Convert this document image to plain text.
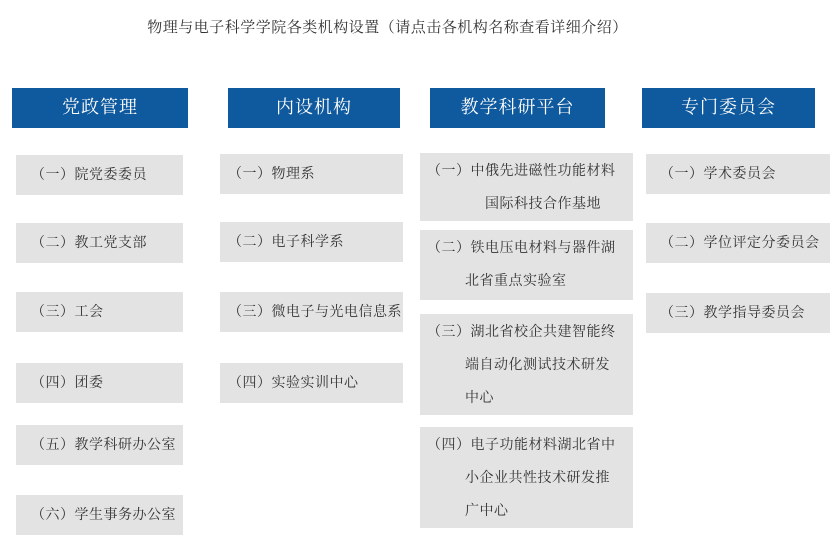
物理与电子科学学院各类机构设置（请点击各机构名称查看详细介绍）
党政管理	内设机构	教学科研平台	专门委员会
（一）院党委委员
（二）教工党支部
（三）工会
（四）团委
（五）教学科研办公室
（六）学生事务办公室
（一）物理系
（二）电子科学系
（三）微电子与光电信息系
（四）实验实训中心
（一）中俄先进磁性功能材料
国际科技合作基地
（二）铁电压电材料与器件湖
北省重点实验室
（三）湖北省校企共建智能终
端自动化测试技术研发
中心
（四）电子功能材料湖北省中
小企业共性技术研发推
广中心
（一）学术委员会
（二）学位评定分委员会
（三）教学指导委员会
